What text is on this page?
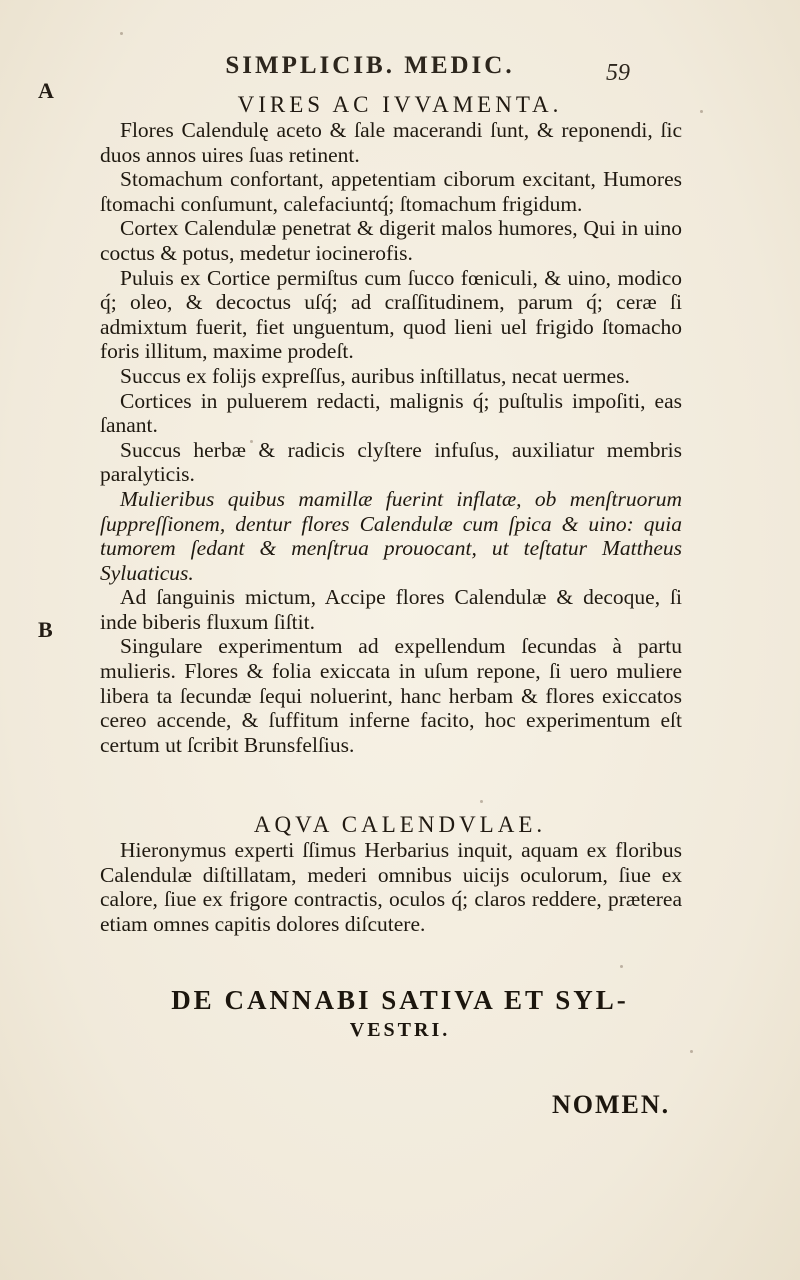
A
B
SIMPLICIB. MEDIC.	59
VIRES AC IVVAMENTA.

Flores Calendulę aceto & ſale macerandi ſunt, & reponendi, ſic duos annos uires ſuas retinent.

Stomachum confortant, appetentiam ciborum excitant, Humores ſtomachi conſumunt, calefaciuntq́; ſtomachum frigidum.

Cortex Calendulæ penetrat & digerit malos humores, Qui in uino coctus & potus, medetur iocinerofis.

Puluis ex Cortice permiſtus cum ſucco fœniculi, & uino, modico q́; oleo, & decoctus uſq́; ad craſſitudinem, parum q́; ceræ ſi admixtum fuerit, fiet unguentum, quod lieni uel frigido ſtomacho foris illitum, maxime prodeſt.

Succus ex folijs expreſſus, auribus inſtillatus, necat uermes.

Cortices in puluerem redacti, malignis q́; puſtulis impoſiti, eas ſanant.

Succus herbæ & radicis clyſtere infuſus, auxiliatur membris paralyticis.

Mulieribus quibus mamillæ fuerint inflatæ, ob menſtruorum ſuppreſſionem, dentur flores Calendulæ cum ſpica & uino: quia tumorem ſedant & menſtrua prouocant, ut teſtatur Mattheus Syluaticus.

Ad ſanguinis mictum, Accipe flores Calendulæ & decoque, ſi inde biberis fluxum ſiſtit.

Singulare experimentum ad expellendum ſecundas à partu mulieris. Flores & folia exiccata in uſum repone, ſi uero muliere libera ta ſecundæ ſequi noluerint, hanc herbam & flores exiccatos cereo accende, & ſuffitum inferne facito, hoc experimentum eſt certum ut ſcribit Brunsfelſius.

AQVA CALENDVLAE.

Hieronymus experti ſſimus Herbarius inquit, aquam ex floribus Calendulæ diſtillatam, mederi omnibus uicijs oculorum, ſiue ex calore, ſiue ex frigore contractis, oculos q́; claros reddere, præterea etiam omnes capitis dolores diſcutere.

DE CANNABI SATIVA ET SYL-
VESTRI.
NOMEN.
